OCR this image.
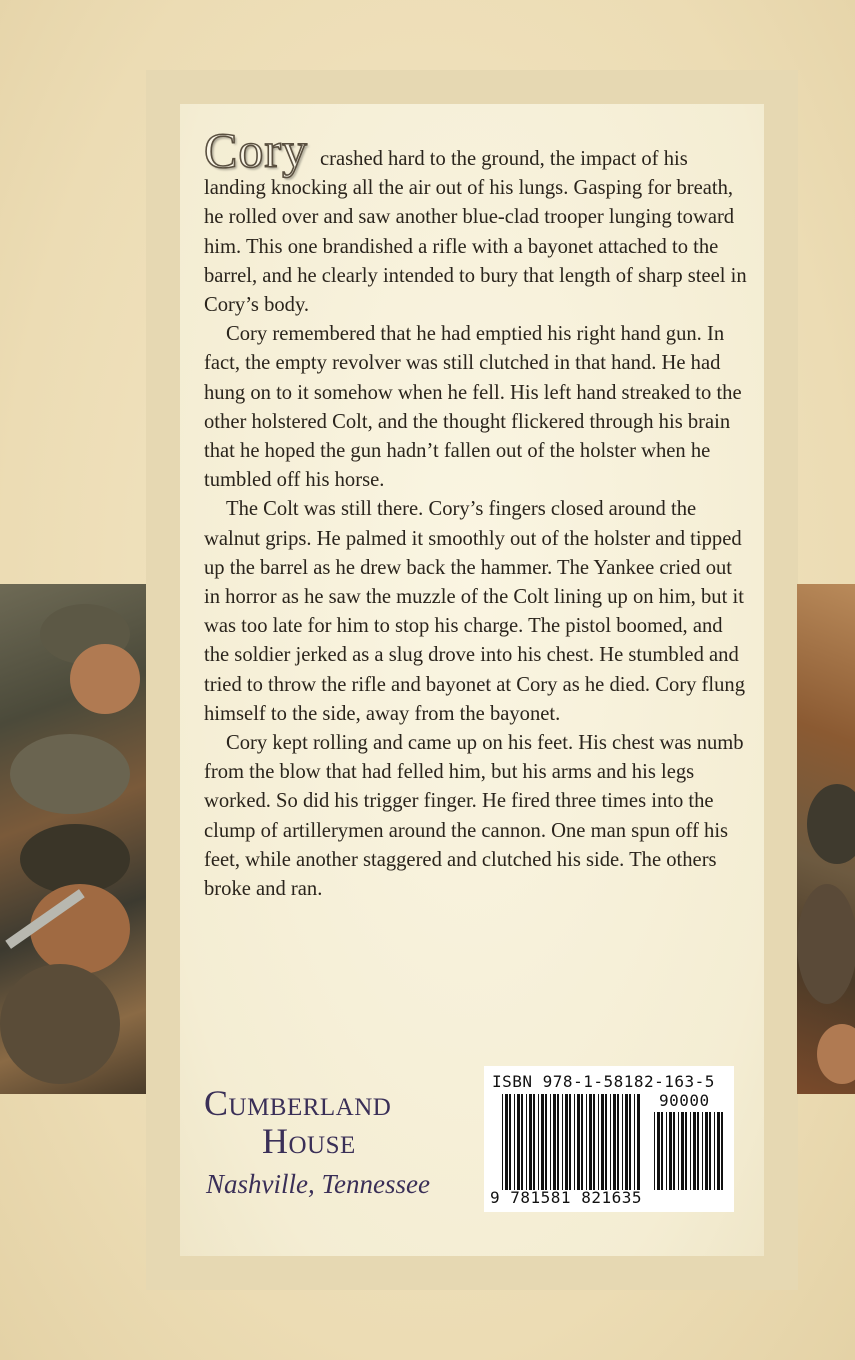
Cory crashed hard to the ground, the impact of his landing knocking all the air out of his lungs. Gasping for breath, he rolled over and saw another blue-clad trooper lunging toward him. This one brandished a rifle with a bayonet attached to the barrel, and he clearly intended to bury that length of sharp steel in Cory’s body.

Cory remembered that he had emptied his right hand gun. In fact, the empty revolver was still clutched in that hand. He had hung on to it somehow when he fell. His left hand streaked to the other holstered Colt, and the thought flickered through his brain that he hoped the gun hadn’t fallen out of the holster when he tumbled off his horse.

The Colt was still there. Cory’s fingers closed around the walnut grips. He palmed it smoothly out of the holster and tipped up the barrel as he drew back the hammer. The Yankee cried out in horror as he saw the muzzle of the Colt lining up on him, but it was too late for him to stop his charge. The pistol boomed, and the soldier jerked as a slug drove into his chest. He stumbled and tried to throw the rifle and bayonet at Cory as he died. Cory flung himself to the side, away from the bayonet.

Cory kept rolling and came up on his feet. His chest was numb from the blow that had felled him, but his arms and his legs worked. So did his trigger finger. He fired three times into the clump of artillerymen around the cannon. One man spun off his feet, while another staggered and clutched his side. The others broke and ran.

Cumberland
House
Nashville, Tennessee
ISBN 978-1-58182-163-5
90000
9 781581 821635
